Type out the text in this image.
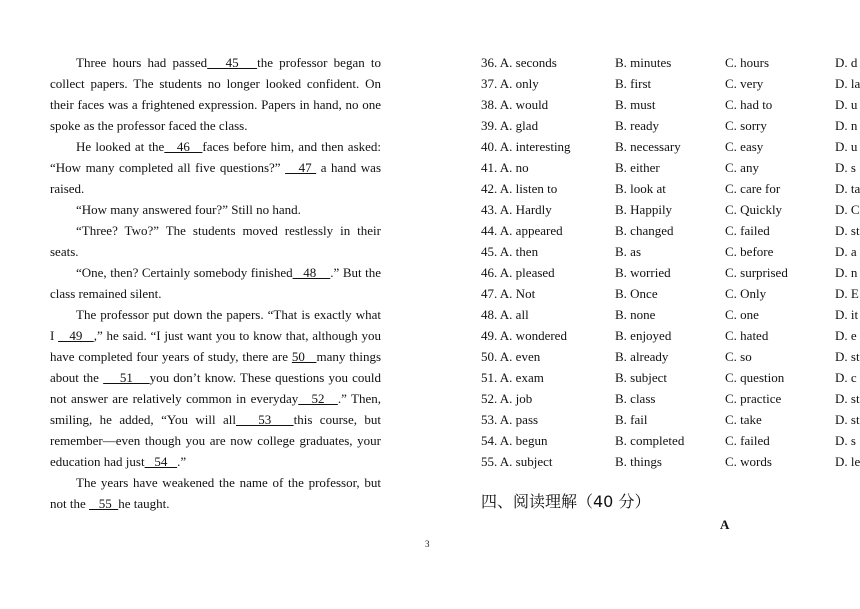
Three hours had passed   45   the professor began to collect papers. The students no longer looked confident. On their faces was a frightened expression. Papers in hand, no one spoke as the professor faced the class.

He looked at the   46   faces before him, and then asked: “How many completed all five questions?”    47  a hand was raised.

“How many answered four?” Still no hand.

“Three? Two?” The students moved restlessly in their seats.

“One, then? Certainly somebody finished   48    .” But the class remained silent.

The professor put down the papers. “That is exactly what I    49   ,” he said. “I just want you to know that, although you have completed four years of study, there are 50   many things about the     51    you don’t know. These questions you could not answer are relatively common in everyday   52   .” Then, smiling, he added, “You will all   53   this course, but remember—even though you are now college graduates, your education had just   54   .”

The years have weakened the name of the professor, but not the    55  he taught.

36. A. seconds	B. minutes	C. hours	D. d
37. A. only	B. first	C. very	D. la
38. A. would	B. must	C. had to	D. u
39. A. glad	B. ready	C. sorry	D. n
40. A. interesting	B. necessary	C. easy	D. u
41. A. no	B. either	C. any	D. s
42. A. listen to	B. look at	C. care for	D. ta
43. A. Hardly	B. Happily	C. Quickly	D. C
44. A. appeared	B. changed	C. failed	D. st
45. A. then	B. as	C. before	D. a
46. A. pleased	B. worried	C. surprised	D. n
47. A. Not	B. Once	C. Only	D. E
48. A. all	B. none	C. one	D. it
49. A. wondered	B. enjoyed	C. hated	D. e
50. A. even	B. already	C. so	D. st
51. A. exam	B. subject	C. question	D. c
52. A. job	B. class	C. practice	D. st
53. A. pass	B. fail	C. take	D. st
54. A. begun	B. completed	C. failed	D. s
55. A. subject	B. things	C. words	D. le
四、阅读理解（40 分）
A
3
